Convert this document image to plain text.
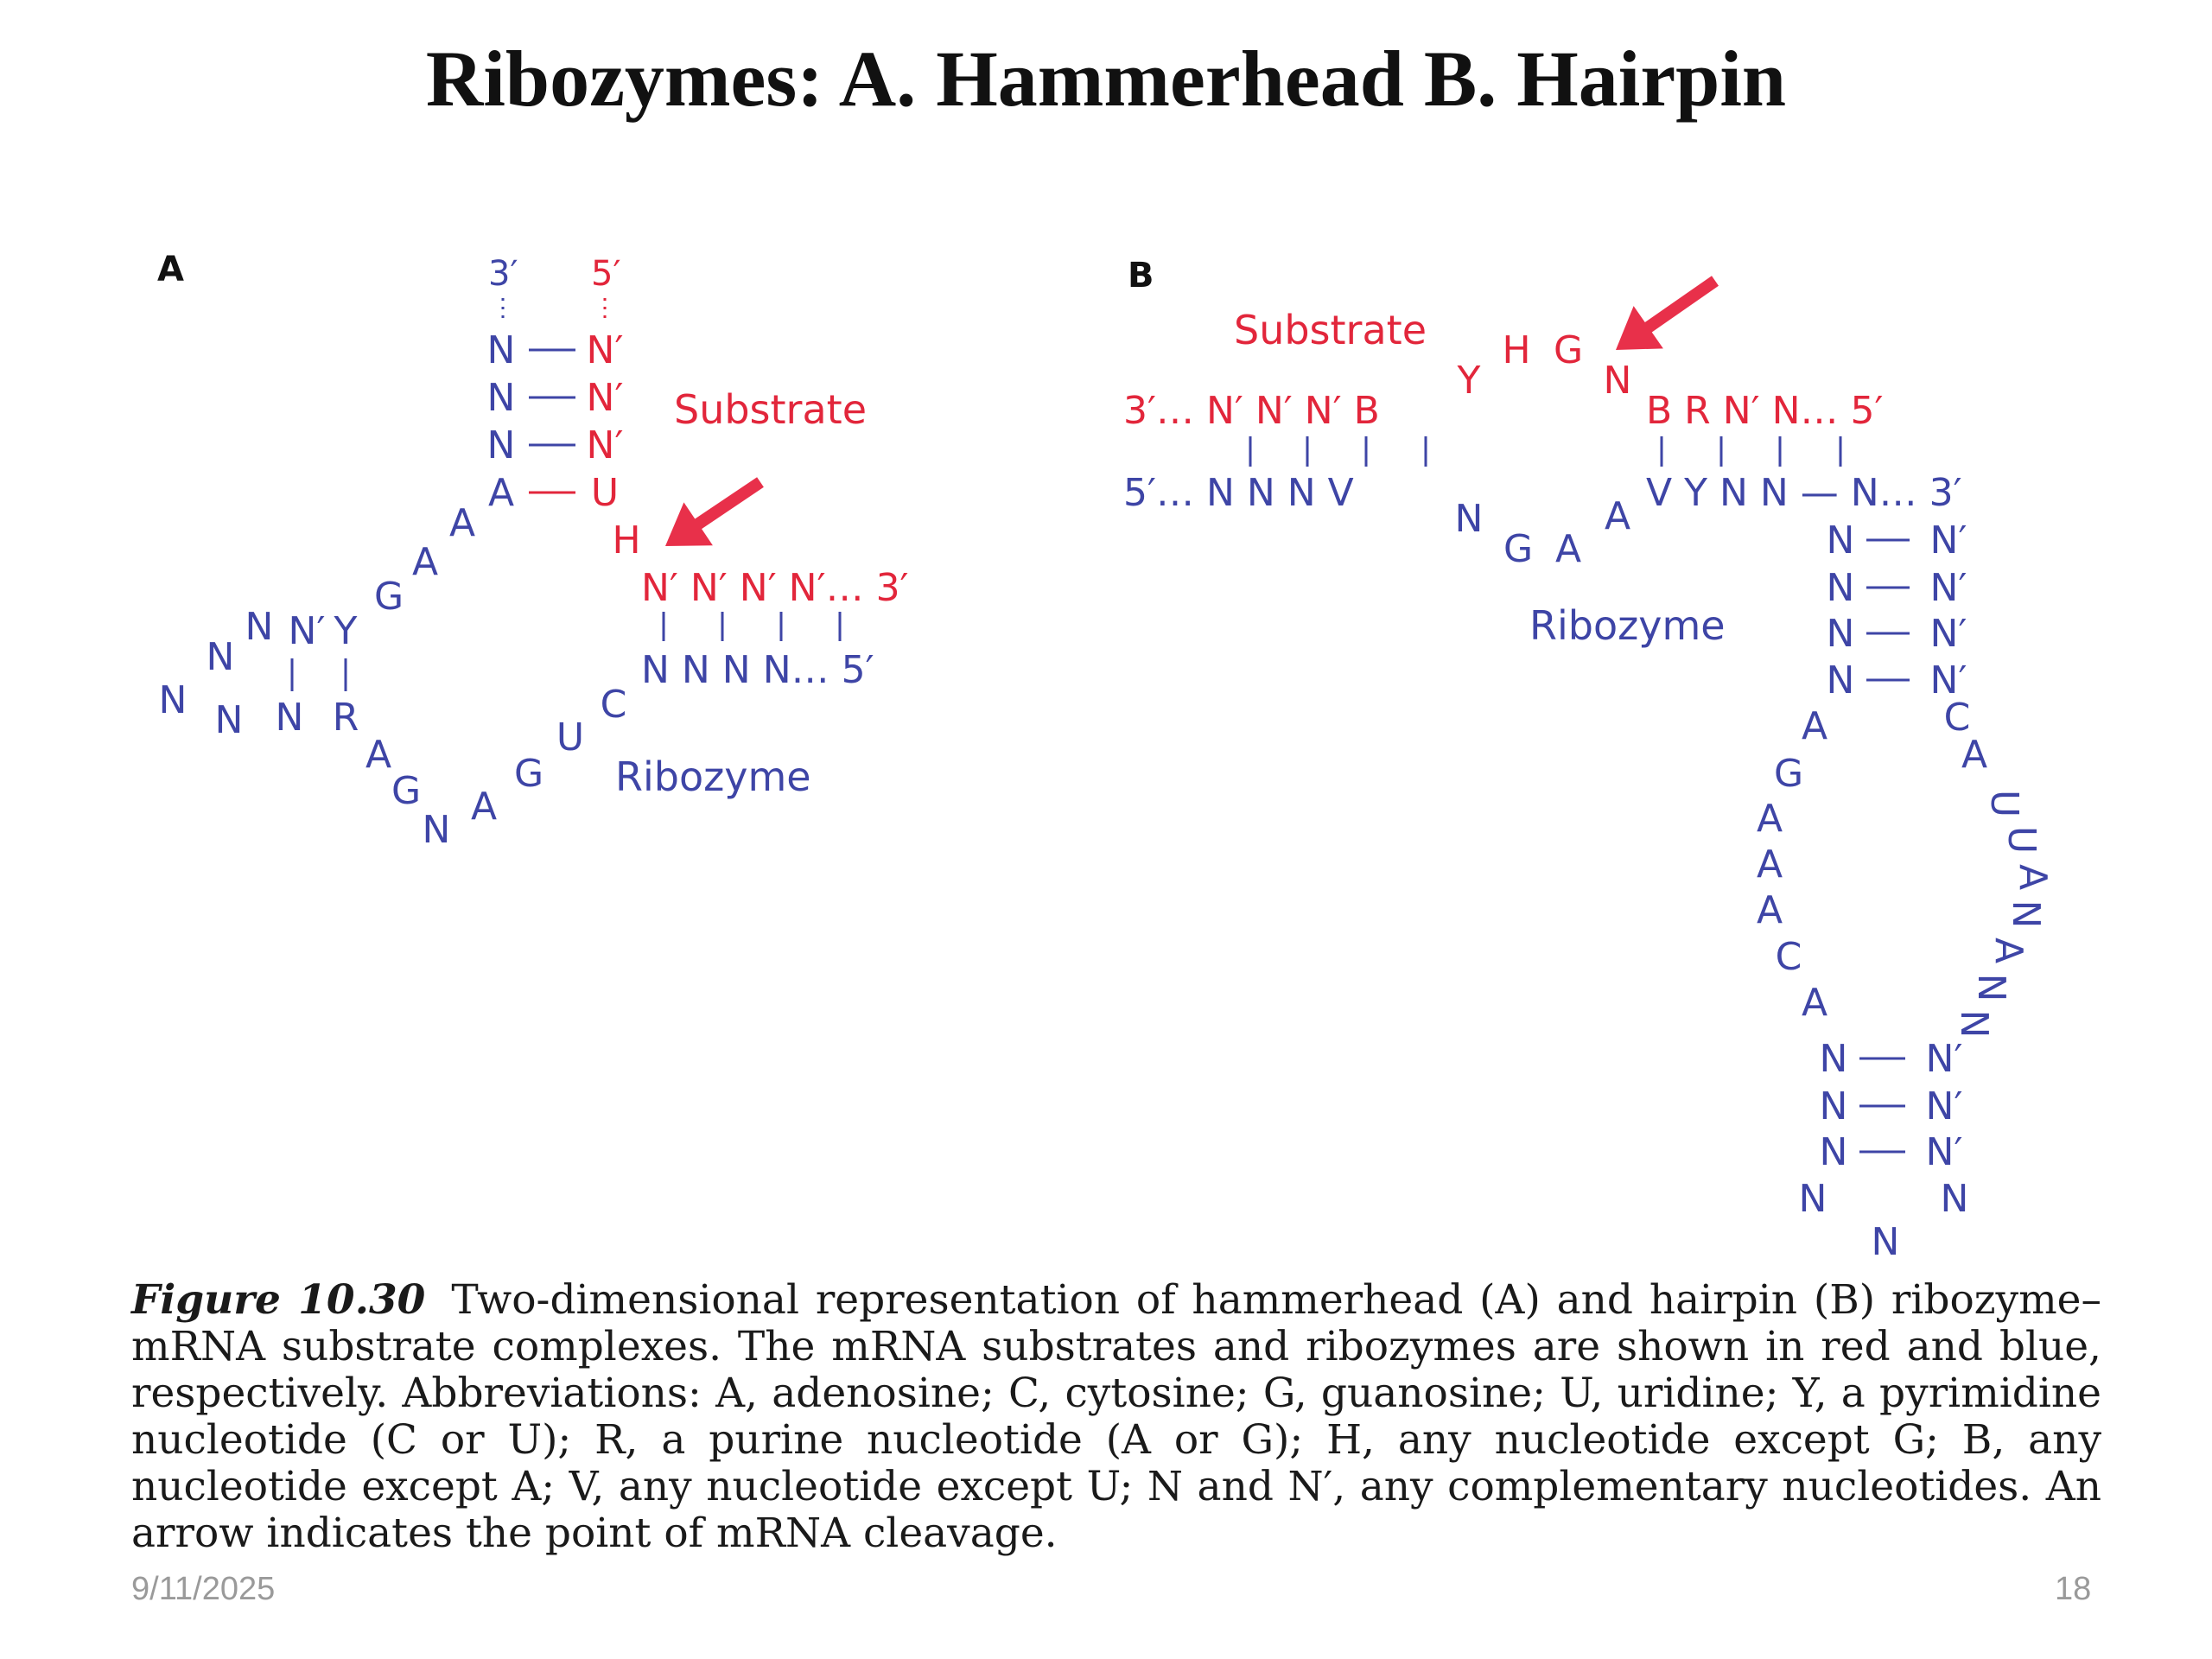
Ribozymes: A. Hammerhead B. Hairpin
A	3′ 5′
N N′
N N′
N N′
A U
Substrate
H
N′ N′ N′ N′… 3′
N N N N… 5′
A
A
G
Y
N′
N
N
N N N R
A
G
N
A
G
U
C
Ribozyme
B
Substrate
3′… N′ N′ N′ B
5′… N N N V
Y
H G
N
B R N′ N… 5′
V Y N N — N… 3′
N
G A
A
Ribozyme
N N′
N N′
N N′
N N′
A
G
A
A
A
C
A
C
A
U
U
A
N
A
N
N
N N′
N N′
N N′
N	N
N
Figure 10.30 Two-dimensional representation of hammerhead (A) and hairpin (B) ribozyme–mRNA substrate complexes. The mRNA substrates and ribozymes are shown in red and blue, respectively. Abbreviations: A, adenosine; C, cytosine; G, guanosine; U, uridine; Y, a pyrimidine nucleotide (C or U); R, a purine nucleotide (A or G); H, any nucleotide except G; B, any nucleotide except A; V, any nucleotide except U; N and N′, any complementary nucleotides. An arrow indicates the point of mRNA cleavage.
9/11/2025	18
